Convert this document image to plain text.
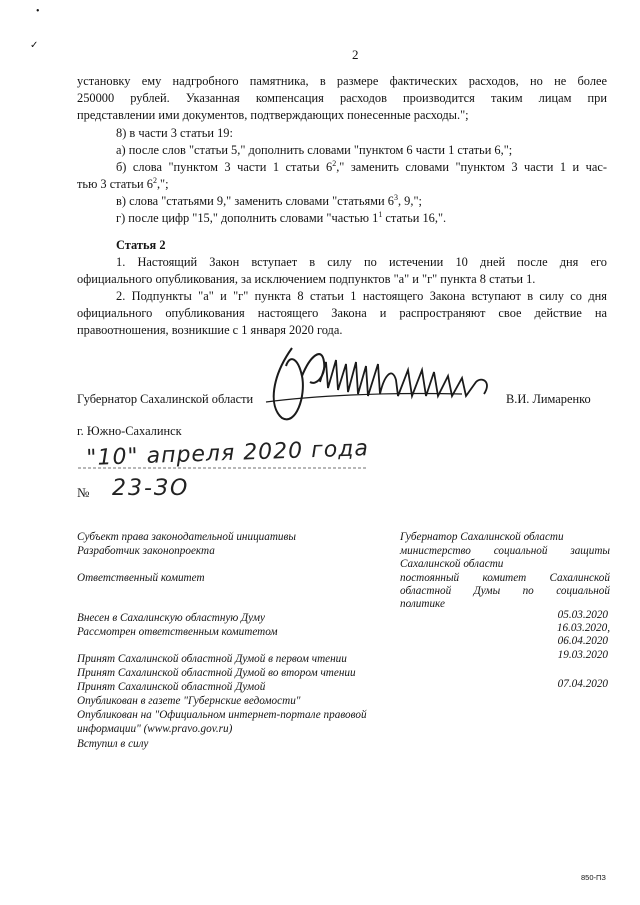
•
✓
2
установку ему надгробного памятника, в размере фактических расходов, но не более
250000 рублей. Указанная компенсация расходов производится таким лицам при
представлении ими документов, подтверждающих понесенные расходы.";
8) в части 3 статьи 19:
а) после слов "статьи 5," дополнить словами "пунктом 6 части 1 статьи 6,";
б) слова "пунктом 3 части 1 статьи $6^2$," заменить словами "пунктом 3 части 1 и час-
тью 3 статьи $6^2$,";
в) слова "статьями 9," заменить словами "статьями $6^3$, 9,";
г) после цифр "15," дополнить словами "частью $1^1$ статьи 16,".
Статья 2
1. Настоящий Закон вступает в силу по истечении 10 дней после дня его
официального опубликования, за исключением подпунктов "а" и "г" пункта 8 статьи 1.
2. Подпункты "а" и "г" пункта 8 статьи 1 настоящего Закона вступают в силу со дня
официального опубликования настоящего Закона и распространяют свое действие на
правоотношения, возникшие с 1 января 2020 года.
Губернатор Сахалинской области	В.И. Лимаренко
г. Южно-Сахалинск
"10" апреля 2020 года
№ 23-ЗО
Субъект права законодательной инициативы	Губернатор Сахалинской области
Разработчик законопроекта	министерство социальной защиты
Сахалинской области
Ответственный комитет	постоянный комитет Сахалинской
областной Думы по социальной
политике
Внесен в Сахалинскую областную Думу	05.03.2020
Рассмотрен ответственным комитетом	16.03.2020,
06.04.2020
Принят Сахалинской областной Думой в первом чтении	19.03.2020
Принят Сахалинской областной Думой во втором чтении
Принят Сахалинской областной Думой	07.04.2020
Опубликован в газете "Губернские ведомости"
Опубликован на "Официальном интернет-портале правовой
информации" (www.pravo.gov.ru)
Вступил в силу
850-ПЗ
